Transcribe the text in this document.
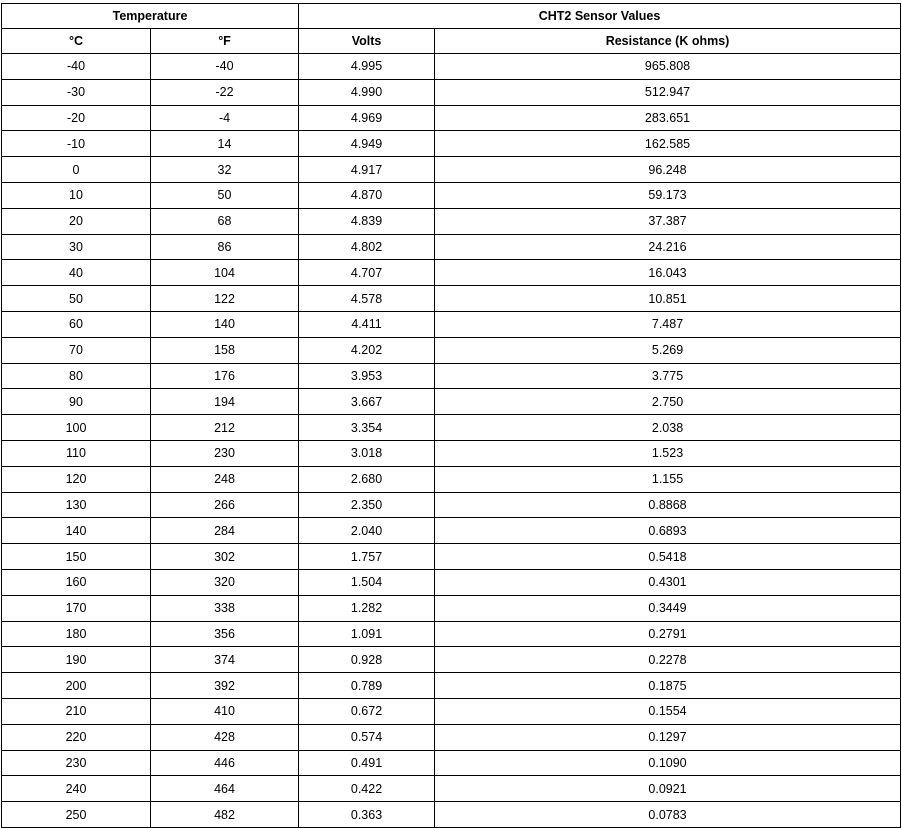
Temperature		CHT2 Sensor Values	
°C	°F	Volts	Resistance (K ohms)
-40	-40	4.995	965.808
-30	-22	4.990	512.947
-20	-4	4.969	283.651
-10	14	4.949	162.585
0	32	4.917	96.248
10	50	4.870	59.173
20	68	4.839	37.387
30	86	4.802	24.216
40	104	4.707	16.043
50	122	4.578	10.851
60	140	4.411	7.487
70	158	4.202	5.269
80	176	3.953	3.775
90	194	3.667	2.750
100	212	3.354	2.038
110	230	3.018	1.523
120	248	2.680	1.155
130	266	2.350	0.8868
140	284	2.040	0.6893
150	302	1.757	0.5418
160	320	1.504	0.4301
170	338	1.282	0.3449
180	356	1.091	0.2791
190	374	0.928	0.2278
200	392	0.789	0.1875
210	410	0.672	0.1554
220	428	0.574	0.1297
230	446	0.491	0.1090
240	464	0.422	0.0921
250	482	0.363	0.0783
